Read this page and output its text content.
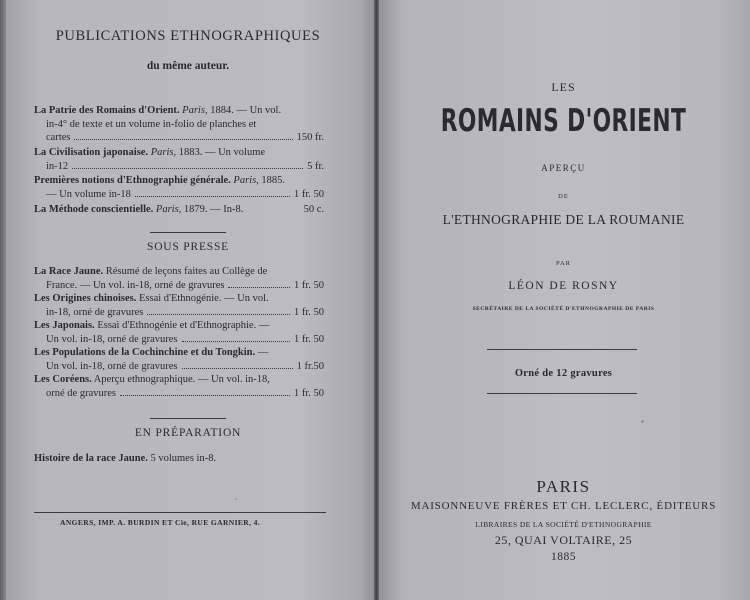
PUBLICATIONS ETHNOGRAPHIQUES
du même auteur.
La Patrie des Romains d'Orient. Paris, 1884. — Un vol.
in-4° de texte et un volume in-folio de planches et
cartes	150 fr.
La Civilisation japonaise. Paris, 1883. — Un volume
in-12	5 fr.
Premières notions d'Ethnographie générale. Paris, 1885.
— Un volume in-18	1 fr. 50
La Méthode conscientielle. Paris, 1879. — In-8.	50 c.
SOUS PRESSE
La Race Jaune. Résumé de leçons faites au Collège de
France. — Un vol. in-18, orné de gravures	1 fr. 50
Les Origines chinoises. Essai d'Ethnogénie. — Un vol.
in-18, orné de gravures	1 fr. 50
Les Japonais. Essai d'Ethnogénie et d'Ethnographie. —
Un vol. in-18, orné de gravures	1 fr. 50
Les Populations de la Cochinchine et du Tongkin. —
Un vol. in-18, orné de gravures	1 fr.50
Les Coréens. Aperçu ethnographique. — Un vol. in-18,
orné de gravures	1 fr. 50
EN PRÉPARATION
Histoire de la race Jaune. 5 volumes in-8.
ANGERS, IMP. A. BURDIN ET Cie, RUE GARNIER, 4.
LES
ROMAINS D'ORIENT
APERÇU
DE
L'ETHNOGRAPHIE DE LA ROUMANIE
PAR
LÉON DE ROSNY
SECRÉTAIRE DE LA SOCIÉTÉ D'ETHNOGRAPHIE DE PARIS
Orné de 12 gravures
PARIS
MAISONNEUVE FRÈRES ET CH. LECLERC, ÉDITEURS
LIBRAIRES DE LA SOCIÉTÉ D'ETHNOGRAPHIE
25, QUAI VOLTAIRE, 25
1885
